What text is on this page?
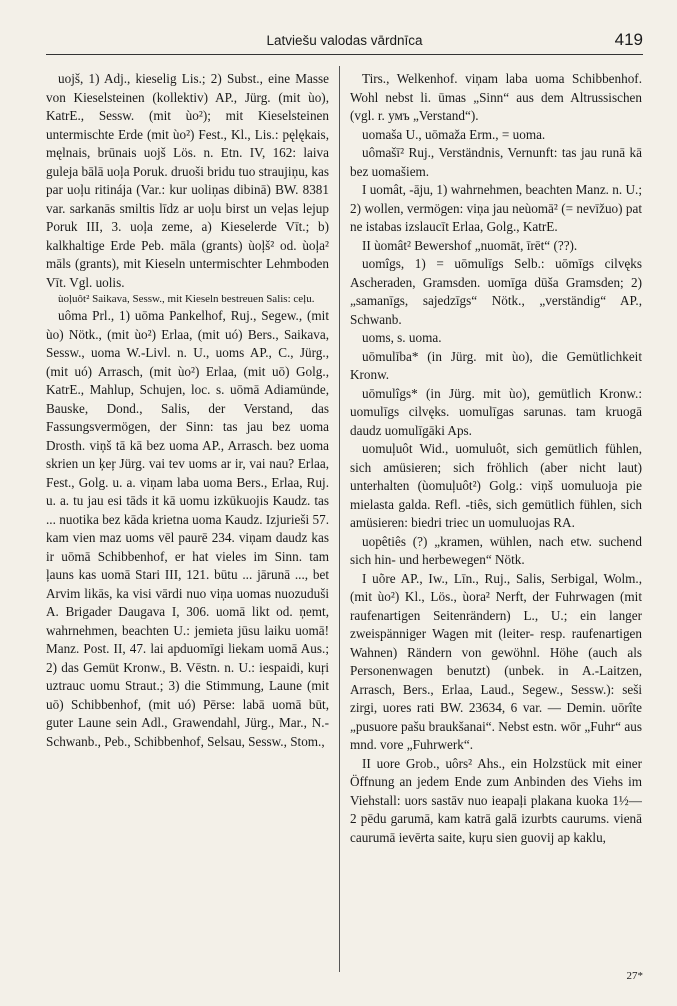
Latviešu valodas vārdnīca	419

uojš, 1) Adj., kieselig Lis.; 2) Subst., eine Masse von Kieselsteinen (kollektiv) AP., Jürg. (mit ùo), KatrE., Sessw. (mit ùo²); mit Kieselsteinen untermischte Erde (mit ùo²) Fest., Kl., Lis.: pęlękais, męlnais, brūnais uojš Lös. n. Etn. IV, 162: laiva guleja bālā uoļa Poruk. druoši bridu tuo straujiņu, kas par uoļu ritinája (Var.: kur uoliņas dibinā) BW. 8381 var. sarkanās smiltis līdz ar uoļu birst un veļas lejup Poruk III, 3. uoļa zeme, a) Kieselerde Vīt.; b) kalkhaltige Erde Peb. māla (grants) ùoļš² od. ùoļa² māls (grants), mit Kieseln untermischter Lehmboden Vīt. Vgl. uolis.

ùoļuôt² Saikava, Sessw., mit Kieseln bestreuen Salis: ceļu.

uôma Prl., 1) uōma Pankelhof, Ruj., Segew., (mit ùo) Nötk., (mit ùo²) Erlaa, (mit uó) Bers., Saikava, Sessw., uoma W.-Livl. n. U., uoms AP., C., Jürg., (mit uó) Arrasch, (mit ùo²) Erlaa, (mit uō) Golg., KatrE., Mahlup, Schujen, loc. s. uōmā Adiamünde, Bauske, Dond., Salis, der Verstand, das Fassungsvermögen, der Sinn: tas jau bez uoma Drosth. viņš tā kā bez uoma AP., Arrasch. bez uoma skrien un ķeŗ Jürg. vai tev uoms ar ir, vai nau? Erlaa, Fest., Golg. u. a. viņam laba uoma Bers., Erlaa, Ruj. u. a. tu jau esi tāds it kā uomu izkūkuojis Kaudz. tas ... nuotika bez kāda krietna uoma Kaudz. Izjurieši 57. kam vien maz uoms vēl paurē 234. viņam daudz kas ir uōmā Schibbenhof, er hat vieles im Sinn. tam ļauns kas uomā Stari III, 121. būtu ... jārunā ..., bet Arvim likās, ka visi vārdi nuo viņa uomas nuozuduši A. Brigader Daugava I, 306. uomā likt od. ņemt, wahrnehmen, beachten U.: jemieta jūsu laiku uomā! Manz. Post. II, 47. lai apduomīgi liekam uomā Aus.; 2) das Gemüt Kronw., B. Vēstn. n. U.: iespaidi, kuŗi uztrauc uomu Straut.; 3) die Stimmung, Laune (mit uō) Schibbenhof, (mit uó) Pērse: labā uomā būt, guter Laune sein Adl., Grawendahl, Jürg., Mar., N.-Schwanb., Peb., Schibbenhof, Selsau, Sessw., Stom.,

Tirs., Welkenhof. viņam laba uoma Schibbenhof. Wohl nebst li. ūmas „Sinn“ aus dem Altrussischen (vgl. r. умъ „Verstand“).

uomaša U., uōmaža Erm., = uoma.

uômašī² Ruj., Verständnis, Vernunft: tas jau runā kā bez uomašiem.

I uomât, -āju, 1) wahrnehmen, beachten Manz. n. U.; 2) wollen, vermögen: viņa jau neùomā² (= nevīžuo) pat ne istabas izslaucīt Erlaa, Golg., KatrE.

II ùomât² Bewershof „nuomāt, īrēt“ (??).

uomîgs, 1) = uōmulīgs Selb.: uōmīgs cilvęks Ascheraden, Gramsden. uomīga dūša Gramsden; 2) „samanīgs, sajedzīgs“ Nötk., „verständig“ AP., Schwanb.

uoms, s. uoma.

uōmulība* (in Jürg. mit ùo), die Gemütlichkeit Kronw.

uōmulîgs* (in Jürg. mit ùo), gemütlich Kronw.: uomulīgs cilvęks. uomulīgas sarunas. tam kruogā daudz uomulīgāki Aps.

uomuļuôt Wid., uomuluôt, sich gemütlich fühlen, sich amüsieren; sich fröhlich (aber nicht laut) unterhalten (ùomuļuôt²) Golg.: viņš uomuluoja pie mielasta galda. Refl. -tiês, sich gemütlich fühlen, sich amüsieren: biedri triec un uomuluojas RA.

uopêtiês (?) „kramen, wühlen, nach etw. suchend sich hin- und herbewegen“ Nötk.

I uõre AP., Iw., Līn., Ruj., Salis, Serbigal, Wolm., (mit ùo²) Kl., Lös., ùora² Nerft, der Fuhrwagen (mit raufenartigen Seitenrändern) L., U.; ein langer zweispänniger Wagen mit (leiter- resp. raufenartigen Wahnen) Rändern von gewöhnl. Höhe (auch als Personenwagen benutzt) (unbek. in A.-Laitzen, Arrasch, Bers., Erlaa, Laud., Segew., Sessw.): seši zirgi, uores rati BW. 23634, 6 var. — Demin. uōrîte „pusuore pašu braukšanai“. Nebst estn. wōr „Fuhr“ aus mnd. vore „Fuhrwerk“.

II uore Grob., uôrs² Ahs., ein Holzstück mit einer Öffnung an jedem Ende zum Anbinden des Viehs im Viehstall: uors sastāv nuo ieapaļi plakana kuoka 1½—2 pēdu garumā, kam katrā galā izurbts caurums. vienā caurumā ievērta saite, kuŗu sien guovij ap kaklu,

27*
